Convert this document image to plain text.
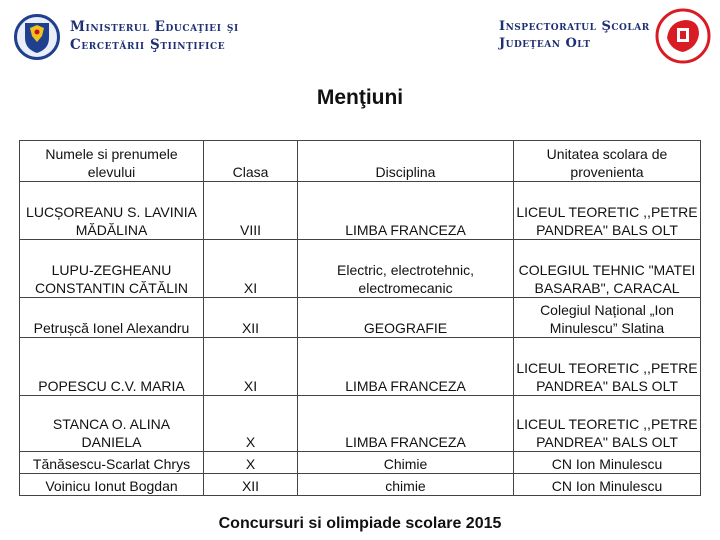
Ministerul Educaţiei şi
Cercetării Ştiinţifice
Inspectoratul Şcolar
Judeţean Olt
Menţiuni
Numele si prenumele elevului	Clasa	Disciplina	Unitatea scolara de provenienta
LUCȘOREANU S. LAVINIA MĂDĂLINA	VIII	LIMBA FRANCEZA	LICEUL TEORETIC ,,PETRE PANDREA'' BALS OLT
LUPU-ZEGHEANU CONSTANTIN CĂTĂLIN	XI	Electric, electrotehnic, electromecanic	COLEGIUL TEHNIC "MATEI BASARAB", CARACAL
Petrușcă Ionel Alexandru	XII	GEOGRAFIE	Colegiul Național „Ion Minulescu” Slatina
POPESCU C.V. MARIA	XI	LIMBA FRANCEZA	LICEUL TEORETIC ,,PETRE PANDREA'' BALS OLT
STANCA O. ALINA DANIELA	X	LIMBA FRANCEZA	LICEUL TEORETIC ,,PETRE PANDREA'' BALS OLT
Tănăsescu-Scarlat Chrys	X	Chimie	CN Ion Minulescu
Voinicu Ionut Bogdan	XII	chimie	CN Ion Minulescu
Concursuri si olimpiade scolare 2015
